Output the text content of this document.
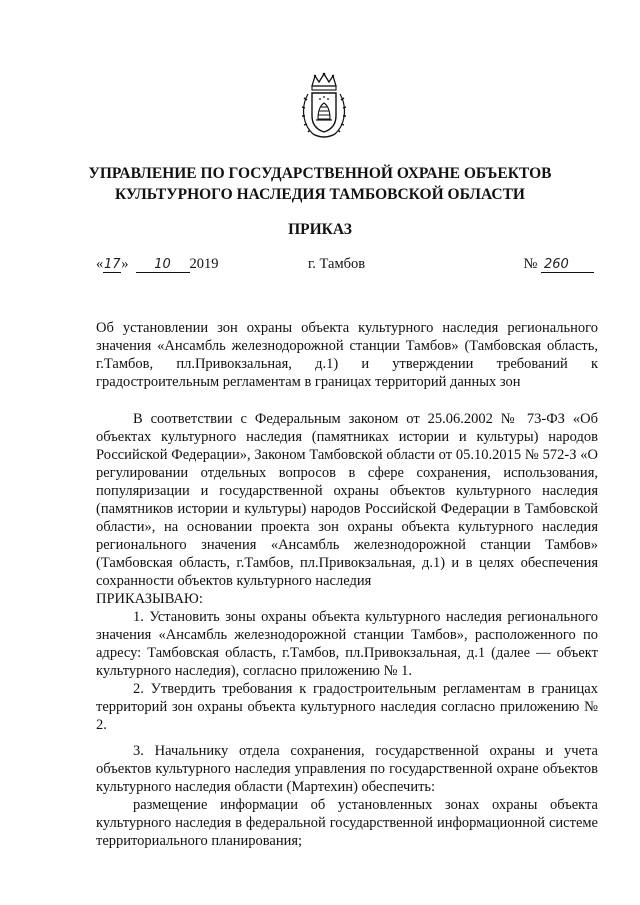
УПРАВЛЕНИЕ ПО ГОСУДАРСТВЕННОЙ ОХРАНЕ ОБЪЕКТОВ
КУЛЬТУРНОГО НАСЛЕДИЯ ТАМБОВСКОЙ ОБЛАСТИ
ПРИКАЗ
«17» 10 2019	г. Тамбов	№ 260

Об установлении зон охраны объекта культурного наследия регионального значения «Ансамбль железнодорожной станции Тамбов» (Тамбовская область, г.Тамбов, пл.Привокзальная, д.1) и утверждении требований к градостроительным регламентам в границах территорий данных зон

В соответствии с Федеральным законом от 25.06.2002 № 73-ФЗ «Об объектах культурного наследия (памятниках истории и культуры) народов Российской Федерации», Законом Тамбовской области от 05.10.2015 № 572-З «О регулировании отдельных вопросов в сфере сохранения, использования, популяризации и государственной охраны объектов культурного наследия (памятников истории и культуры) народов Российской Федерации в Тамбовской области», на основании проекта зон охраны объекта культурного наследия регионального значения «Ансамбль железнодорожной станции Тамбов» (Тамбовская область, г.Тамбов, пл.Привокзальная, д.1) и в целях обеспечения сохранности объектов культурного наследия

ПРИКАЗЫВАЮ:

1. Установить зоны охраны объекта культурного наследия регионального значения «Ансамбль железнодорожной станции Тамбов», расположенного по адресу: Тамбовская область, г.Тамбов, пл.Привокзальная, д.1 (далее — объект культурного наследия), согласно приложению № 1.

2. Утвердить требования к градостроительным регламентам в границах территорий зон охраны объекта культурного наследия согласно приложению № 2.

3. Начальнику отдела сохранения, государственной охраны и учета объектов культурного наследия управления по государственной охране объектов культурного наследия области (Мартехин) обеспечить:

размещение информации об установленных зонах охраны объекта культурного наследия в федеральной государственной информационной системе территориального планирования;
